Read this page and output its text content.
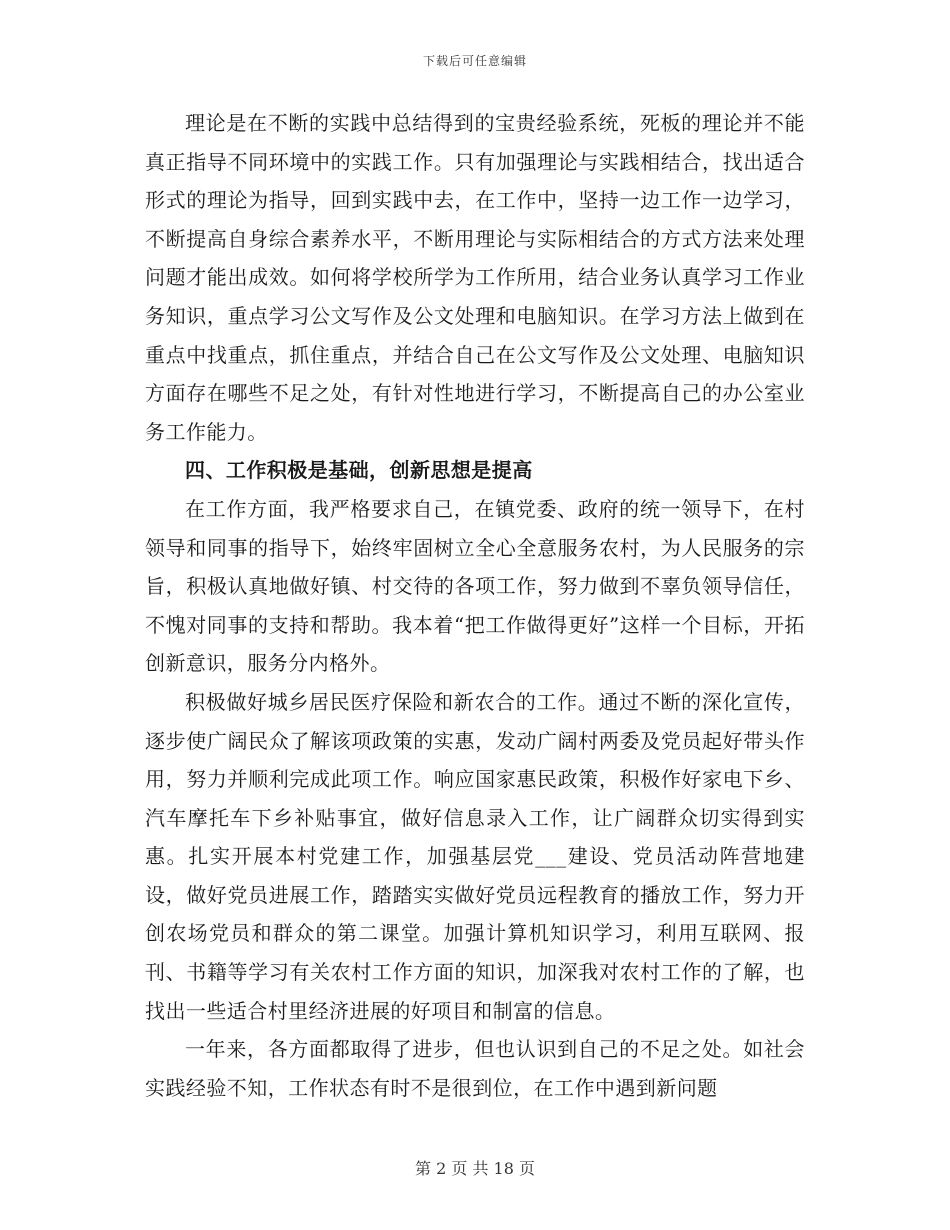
下载后可任意编辑

理论是在不断的实践中总结得到的宝贵经验系统，死板的理论并不能真正指导不同环境中的实践工作。只有加强理论与实践相结合，找出适合形式的理论为指导，回到实践中去，在工作中，坚持一边工作一边学习，不断提高自身综合素养水平，不断用理论与实际相结合的方式方法来处理问题才能出成效。如何将学校所学为工作所用，结合业务认真学习工作业务知识，重点学习公文写作及公文处理和电脑知识。在学习方法上做到在重点中找重点，抓住重点，并结合自己在公文写作及公文处理、电脑知识方面存在哪些不足之处，有针对性地进行学习，不断提高自己的办公室业务工作能力。

四、工作积极是基础，创新思想是提高

在工作方面，我严格要求自己，在镇党委、政府的统一领导下，在村领导和同事的指导下，始终牢固树立全心全意服务农村，为人民服务的宗旨，积极认真地做好镇、村交待的各项工作，努力做到不辜负领导信任，不愧对同事的支持和帮助。我本着“把工作做得更好”这样一个目标，开拓创新意识，服务分内格外。

积极做好城乡居民医疗保险和新农合的工作。通过不断的深化宣传，逐步使广阔民众了解该项政策的实惠，发动广阔村两委及党员起好带头作用，努力并顺利完成此项工作。响应国家惠民政策，积极作好家电下乡、汽车摩托车下乡补贴事宜，做好信息录入工作，让广阔群众切实得到实惠。扎实开展本村党建工作，加强基层党___建设、党员活动阵营地建设，做好党员进展工作，踏踏实实做好党员远程教育的播放工作，努力开创农场党员和群众的第二课堂。加强计算机知识学习，利用互联网、报刊、书籍等学习有关农村工作方面的知识，加深我对农村工作的了解，也找出一些适合村里经济进展的好项目和制富的信息。

一年来，各方面都取得了进步，但也认识到自己的不足之处。如社会实践经验不知，工作状态有时不是很到位，在工作中遇到新问题

第 2 页 共 18 页
